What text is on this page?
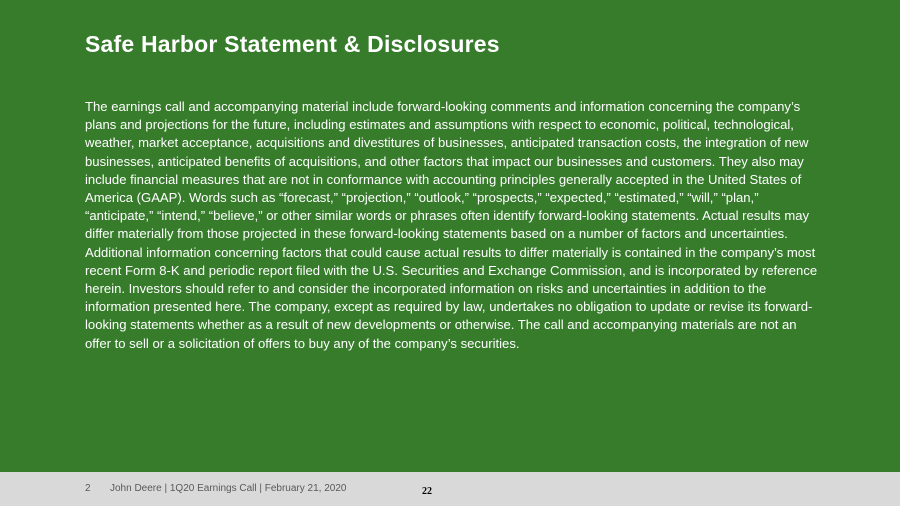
Safe Harbor Statement & Disclosures

The earnings call and accompanying material include forward-looking comments and information concerning the company’s plans and projections for the future, including estimates and assumptions with respect to economic, political, technological, weather, market acceptance, acquisitions and divestitures of businesses, anticipated transaction costs, the integration of new businesses, anticipated benefits of acquisitions, and other factors that impact our businesses and customers. They also may include financial measures that are not in conformance with accounting principles generally accepted in the United States of America (GAAP). Words such as “forecast,” “projection,” “outlook,” “prospects,” “expected,” “estimated,” “will,” “plan,” “anticipate,” “intend,” “believe,” or other similar words or phrases often identify forward-looking statements. Actual results may differ materially from those projected in these forward-looking statements based on a number of factors and uncertainties. Additional information concerning factors that could cause actual results to differ materially is contained in the company’s most recent Form 8-K and periodic report filed with the U.S. Securities and Exchange Commission, and is incorporated by reference herein. Investors should refer to and consider the incorporated information on risks and uncertainties in addition to the information presented here. The company, except as required by law, undertakes no obligation to update or revise its forward-looking statements whether as a result of new developments or otherwise. The call and accompanying materials are not an offer to sell or a solicitation of offers to buy any of the company’s securities.

2 John Deere | 1Q20 Earnings Call | February 21, 2020	22
